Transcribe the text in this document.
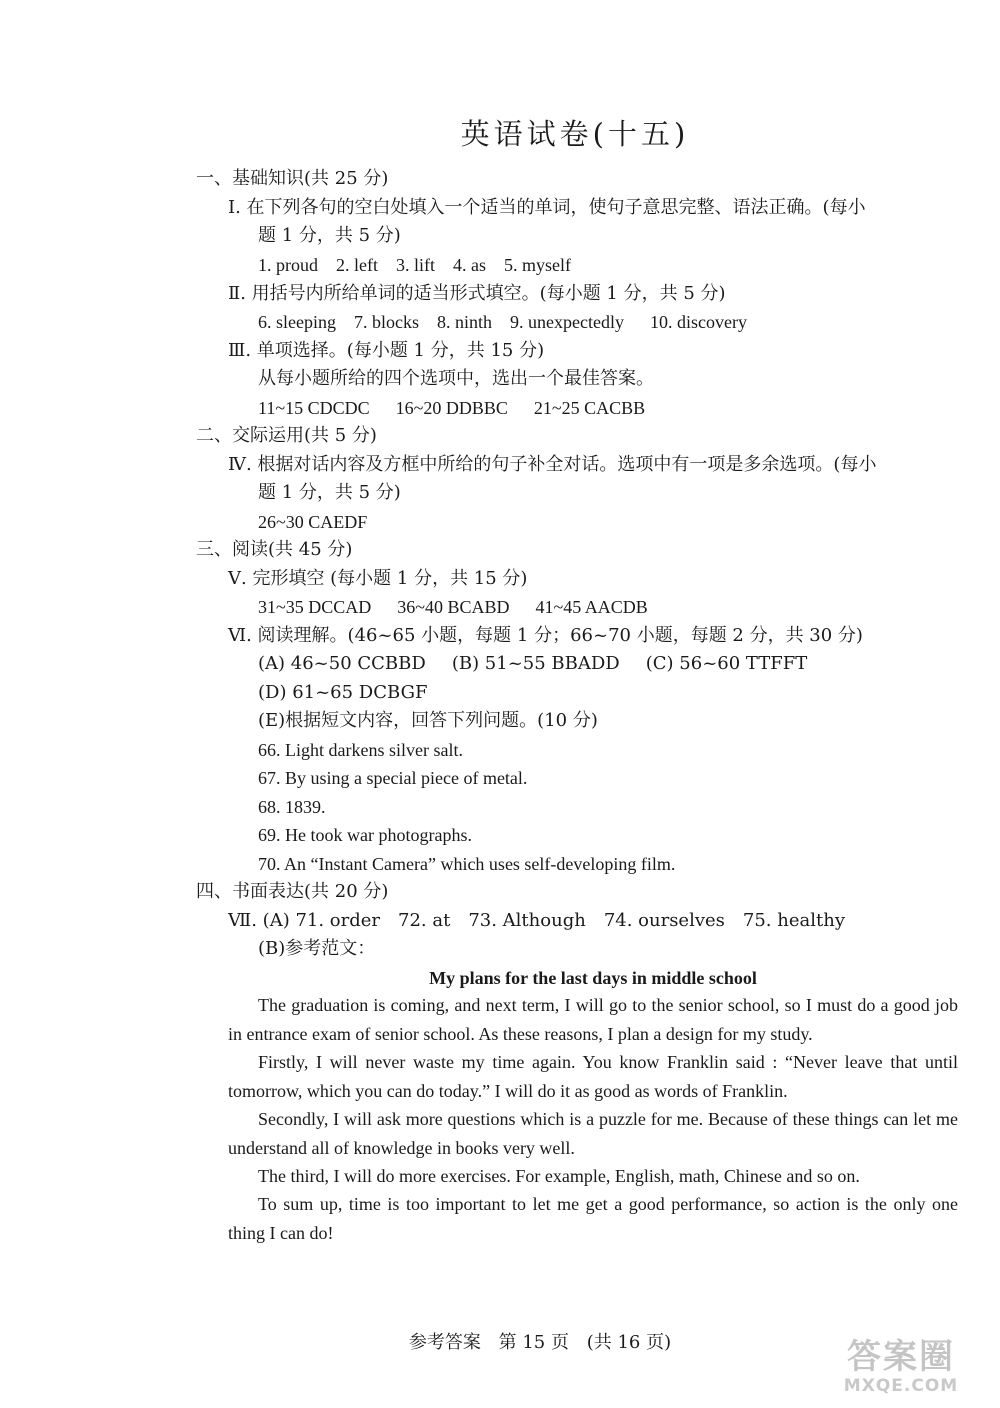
英语试卷(十五)
一、基础知识(共 25 分)
Ⅰ. 在下列各句的空白处填入一个适当的单词，使句子意思完整、语法正确。(每小
题 1 分，共 5 分)
1. proud 2. left 3. lift 4. as 5. myself
Ⅱ. 用括号内所给单词的适当形式填空。(每小题 1 分，共 5 分)
6. sleeping 7. blocks 8. ninth 9. unexpectedly 10. discovery
Ⅲ. 单项选择。(每小题 1 分，共 15 分)
从每小题所给的四个选项中，选出一个最佳答案。
11~15 CDCDC 16~20 DDBBC 21~25 CACBB
二、交际运用(共 5 分)
Ⅳ. 根据对话内容及方框中所给的句子补全对话。选项中有一项是多余选项。(每小
题 1 分，共 5 分)
26~30 CAEDF
三、阅读(共 45 分)
Ⅴ. 完形填空 (每小题 1 分，共 15 分)
31~35 DCCAD 36~40 BCABD 41~45 AACDB
Ⅵ. 阅读理解。(46~65 小题，每题 1 分；66~70 小题，每题 2 分，共 30 分)
(A) 46~50 CCBBD (B) 51~55 BBADD (C) 56~60 TTFFT
(D) 61~65 DCBGF
(E)根据短文内容，回答下列问题。(10 分)
66. Light darkens silver salt.
67. By using a special piece of metal.
68. 1839.
69. He took war photographs.
70. An “Instant Camera” which uses self-developing film.
四、书面表达(共 20 分)
Ⅶ. (A) 71. order 72. at 73. Although 74. ourselves 75. healthy
(B)参考范文：
My plans for the last days in middle school
The graduation is coming, and next term, I will go to the senior school, so I must do a good job in entrance exam of senior school. As these reasons, I plan a design for my study.
Firstly, I will never waste my time again. You know Franklin said : “Never leave that until tomorrow, which you can do today.” I will do it as good as words of Franklin.
Secondly, I will ask more questions which is a puzzle for me. Because of these things can let me understand all of knowledge in books very well.
The third, I will do more exercises. For example, English, math, Chinese and so on.
To sum up, time is too important to let me get a good performance, so action is the only one thing I can do!
参考答案 第 15 页 (共 16 页)	答案圈
MXQE.COM
